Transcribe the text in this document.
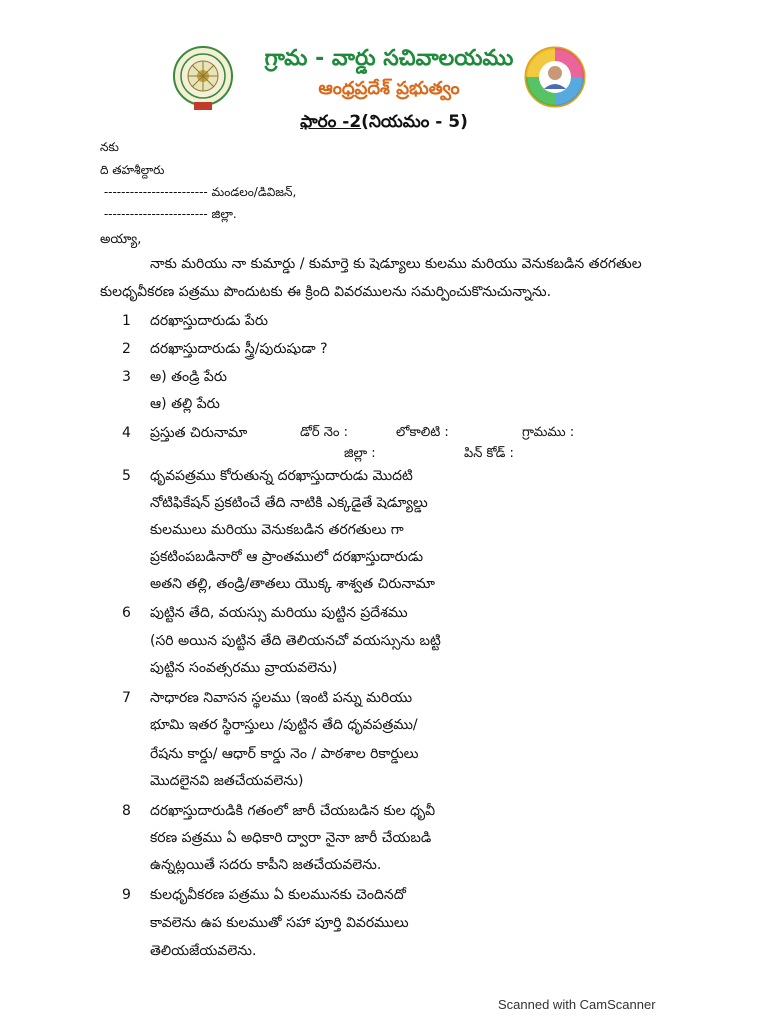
గ్రామ - వార్డు సచివాలయము
ఆంధ్రప్రదేశ్ ప్రభుత్వం
ఫారం -2(నియమం - 5)
నకు
ది తహశీల్దారు
------------------------ మండలం/డివిజన్,
------------------------ జిల్లా.
అయ్యా,
నాకు మరియు నా కుమార్డు / కుమార్తె కు షెడ్యూలు కులము మరియు వెనుకబడిన తరగతుల
కులధృవీకరణ పత్రము పొందుటకు ఈ క్రింది వివరములను సమర్పించుకొనుచున్నాను.
1 దరఖాస్తుదారుడు పేరు
2 దరఖాస్తుదారుడు స్త్రీ/పురుషుడా ?
3 అ) తండ్రి పేరు
ఆ) తల్లి పేరు
4 ప్రస్తుత చిరునామా	డోర్ నెం :	లోకాలిటి :	గ్రామము :
జిల్లా :	పిన్ కోడ్ :
5 ధృవపత్రము కోరుతున్న దరఖాస్తుదారుడు మొదటి
నోటిఫికేషన్ ప్రకటించే తేది నాటికి ఎక్కడైతే షెడ్యూల్డు
కులములు మరియు వెనుకబడిన తరగతులు గా
ప్రకటింపబడినారో ఆ ప్రాంతములో దరఖాస్తుదారుడు
అతని తల్లి, తండ్రి/తాతలు యొక్క శాశ్వత చిరునామా
6 పుట్టిన తేది, వయస్సు మరియు పుట్టిన ప్రదేశము
(సరి అయిన పుట్టిన తేది తెలియనచో వయస్సును బట్టి
పుట్టిన సంవత్సరము వ్రాయవలెను)
7 సాధారణ నివాసన స్థలము (ఇంటి పన్ను మరియు
భూమి ఇతర స్థిరాస్తులు /పుట్టిన తేది ధృవపత్రము/
రేషను కార్డు/ ఆధార్ కార్డు నెం / పాఠశాల రికార్డులు
మొదలైనవి జతచేయవలెను)
8 దరఖాస్తుదారుడికి గతంలో జారీ చేయబడిన కుల ధృవీ
కరణ పత్రము ఏ అధికారి ద్వారా నైనా జారీ చేయబడి
ఉన్నట్లయితే సదరు కాపీని జతచేయవలెను.
9 కులధృవీకరణ పత్రము ఏ కులమునకు చెందినదో
కావలెను ఉప కులముతో సహా పూర్తి వివరములు
తెలియజేయవలెను.
Scanned with CamScanner
